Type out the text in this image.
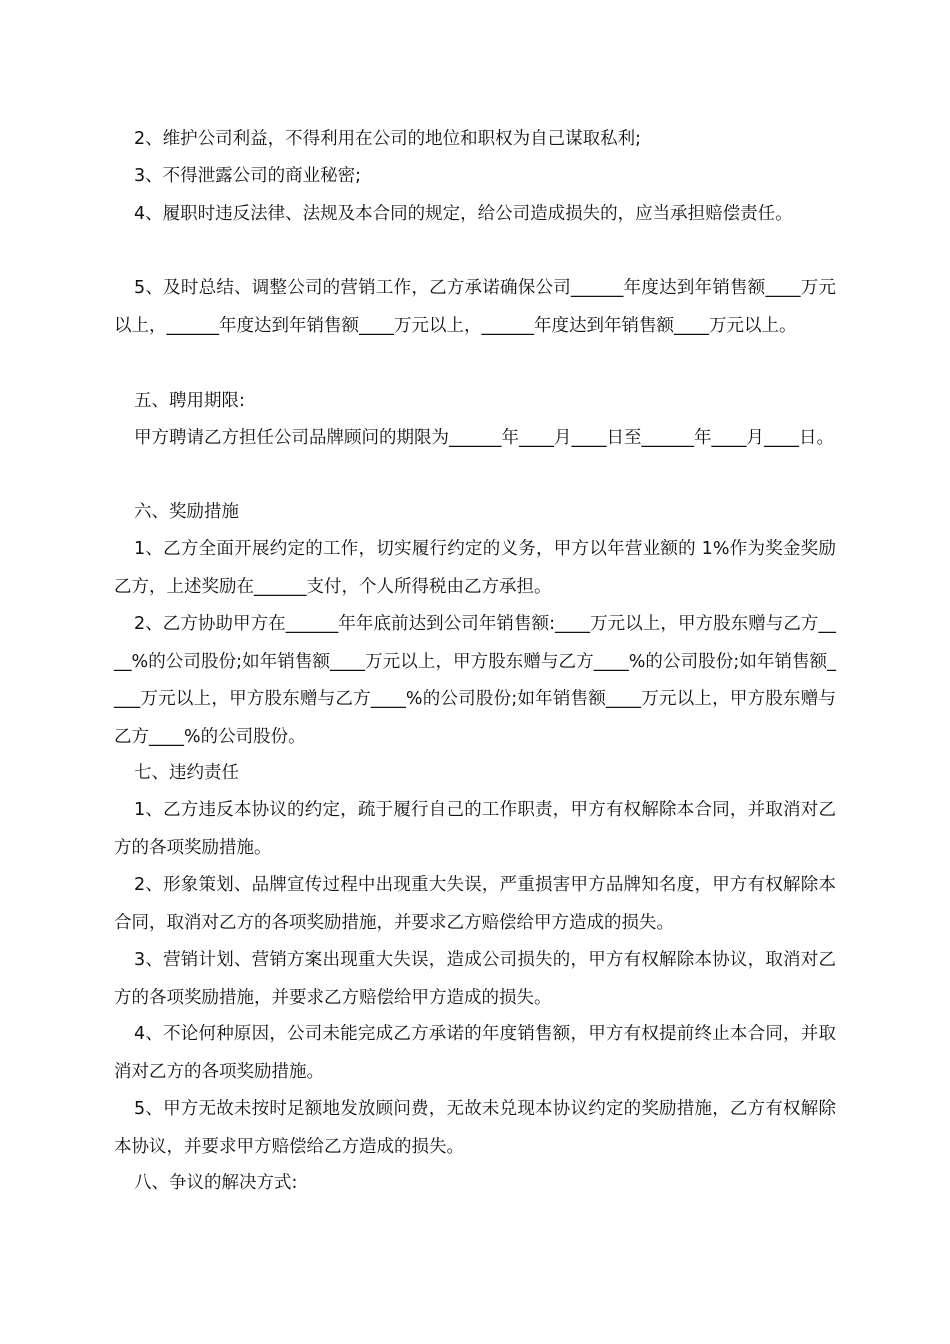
2、维护公司利益，不得利用在公司的地位和职权为自己谋取私利;

3、不得泄露公司的商业秘密;

4、履职时违反法律、法规及本合同的规定，给公司造成损失的，应当承担赔偿责任。

5、及时总结、调整公司的营销工作，乙方承诺确保公司______年度达到年销售额____万元以上，______年度达到年销售额____万元以上，______年度达到年销售额____万元以上。

五、聘用期限:

甲方聘请乙方担任公司品牌顾问的期限为______年____月____日至______年____月____日。

六、奖励措施

1、乙方全面开展约定的工作，切实履行约定的义务，甲方以年营业额的 1%作为奖金奖励乙方，上述奖励在______支付，个人所得税由乙方承担。

2、乙方协助甲方在______年年底前达到公司年销售额:____万元以上，甲方股东赠与乙方____%的公司股份;如年销售额____万元以上，甲方股东赠与乙方____%的公司股份;如年销售额____万元以上，甲方股东赠与乙方____%的公司股份;如年销售额____万元以上，甲方股东赠与乙方____%的公司股份。

七、违约责任

1、乙方违反本协议的约定，疏于履行自己的工作职责，甲方有权解除本合同，并取消对乙方的各项奖励措施。

2、形象策划、品牌宣传过程中出现重大失误，严重损害甲方品牌知名度，甲方有权解除本合同，取消对乙方的各项奖励措施，并要求乙方赔偿给甲方造成的损失。

3、营销计划、营销方案出现重大失误，造成公司损失的，甲方有权解除本协议，取消对乙方的各项奖励措施，并要求乙方赔偿给甲方造成的损失。

4、不论何种原因，公司未能完成乙方承诺的年度销售额，甲方有权提前终止本合同，并取消对乙方的各项奖励措施。

5、甲方无故未按时足额地发放顾问费，无故未兑现本协议约定的奖励措施，乙方有权解除本协议，并要求甲方赔偿给乙方造成的损失。

八、争议的解决方式:
